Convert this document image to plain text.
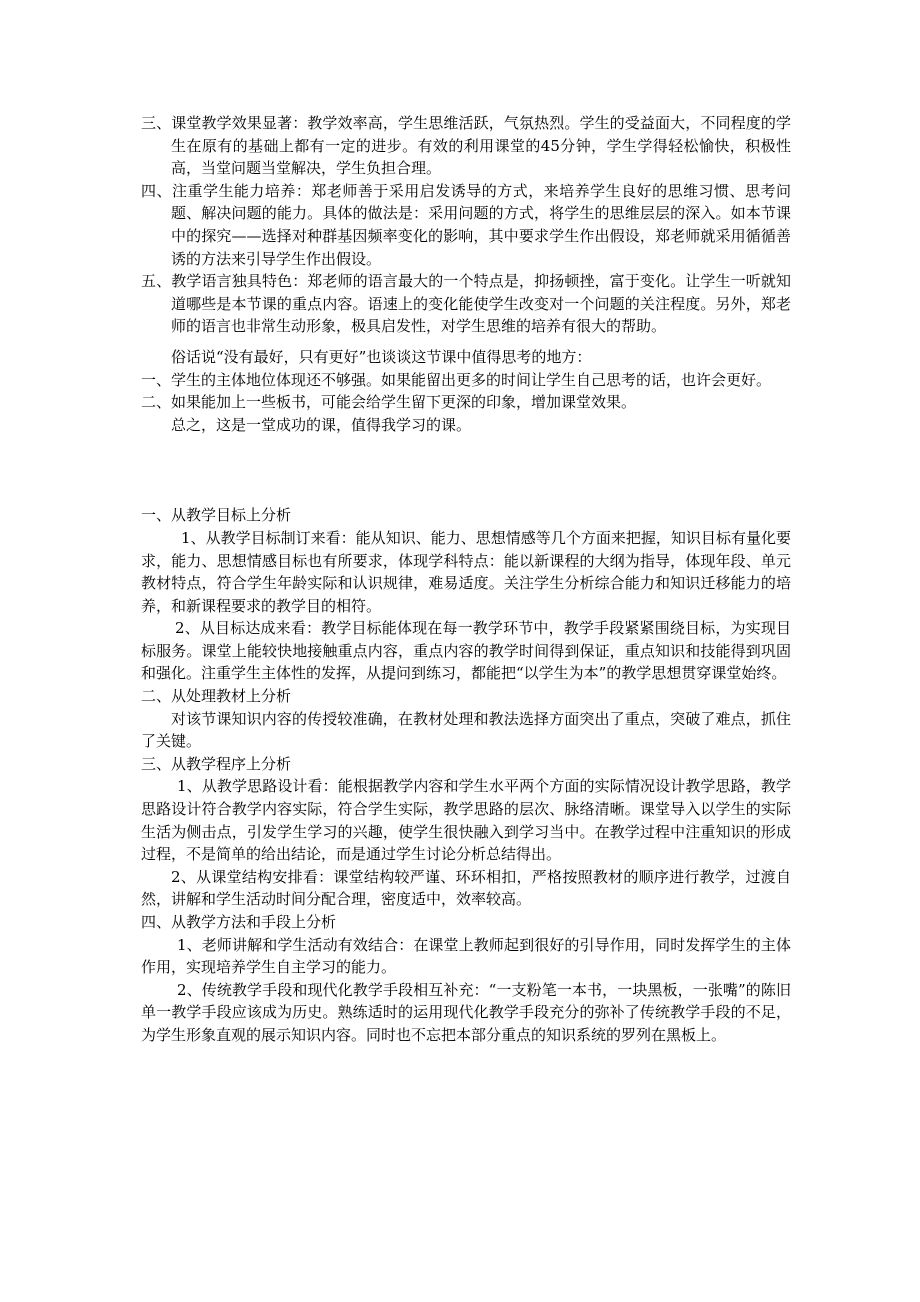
三、课堂教学效果显著：教学效率高，学生思维活跃，气氛热烈。学生的受益面大，不同程度的学生在原有的基础上都有一定的进步。有效的利用课堂的45分钟，学生学得轻松愉快，积极性高，当堂问题当堂解决，学生负担合理。

四、注重学生能力培养：郑老师善于采用启发诱导的方式，来培养学生良好的思维习惯、思考问题、解决问题的能力。具体的做法是：采用问题的方式，将学生的思维层层的深入。如本节课中的探究——选择对种群基因频率变化的影响，其中要求学生作出假设，郑老师就采用循循善诱的方法来引导学生作出假设。

五、教学语言独具特色：郑老师的语言最大的一个特点是，抑扬顿挫，富于变化。让学生一听就知道哪些是本节课的重点内容。语速上的变化能使学生改变对一个问题的关注程度。另外，郑老师的语言也非常生动形象，极具启发性，对学生思维的培养有很大的帮助。

俗话说“没有最好，只有更好”也谈谈这节课中值得思考的地方：

一、学生的主体地位体现还不够强。如果能留出更多的时间让学生自己思考的话，也许会更好。

二、如果能加上一些板书，可能会给学生留下更深的印象，增加课堂效果。

总之，这是一堂成功的课，值得我学习的课。

一、从教学目标上分析

1、从教学目标制订来看：能从知识、能力、思想情感等几个方面来把握，知识目标有量化要求，能力、思想情感目标也有所要求，体现学科特点：能以新课程的大纲为指导，体现年段、单元教材特点，符合学生年龄实际和认识规律，难易适度。关注学生分析综合能力和知识迁移能力的培养，和新课程要求的教学目的相符。

2、从目标达成来看：教学目标能体现在每一教学环节中，教学手段紧紧围绕目标，为实现目标服务。课堂上能较快地接触重点内容，重点内容的教学时间得到保证，重点知识和技能得到巩固和强化。注重学生主体性的发挥，从提问到练习，都能把“以学生为本”的教学思想贯穿课堂始终。

二、从处理教材上分析

对该节课知识内容的传授较准确，在教材处理和教法选择方面突出了重点，突破了难点，抓住了关键。

三、从教学程序上分析

1、从教学思路设计看：能根据教学内容和学生水平两个方面的实际情况设计教学思路，教学思路设计符合教学内容实际，符合学生实际，教学思路的层次、脉络清晰。课堂导入以学生的实际生活为侧击点，引发学生学习的兴趣，使学生很快融入到学习当中。在教学过程中注重知识的形成过程，不是简单的给出结论，而是通过学生讨论分析总结得出。

2、从课堂结构安排看：课堂结构较严谨、环环相扣，严格按照教材的顺序进行教学，过渡自然，讲解和学生活动时间分配合理，密度适中，效率较高。

四、从教学方法和手段上分析

1、老师讲解和学生活动有效结合：在课堂上教师起到很好的引导作用，同时发挥学生的主体作用，实现培养学生自主学习的能力。

2、传统教学手段和现代化教学手段相互补充：“一支粉笔一本书，一块黑板，一张嘴”的陈旧单一教学手段应该成为历史。熟练适时的运用现代化教学手段充分的弥补了传统教学手段的不足，为学生形象直观的展示知识内容。同时也不忘把本部分重点的知识系统的罗列在黑板上。
